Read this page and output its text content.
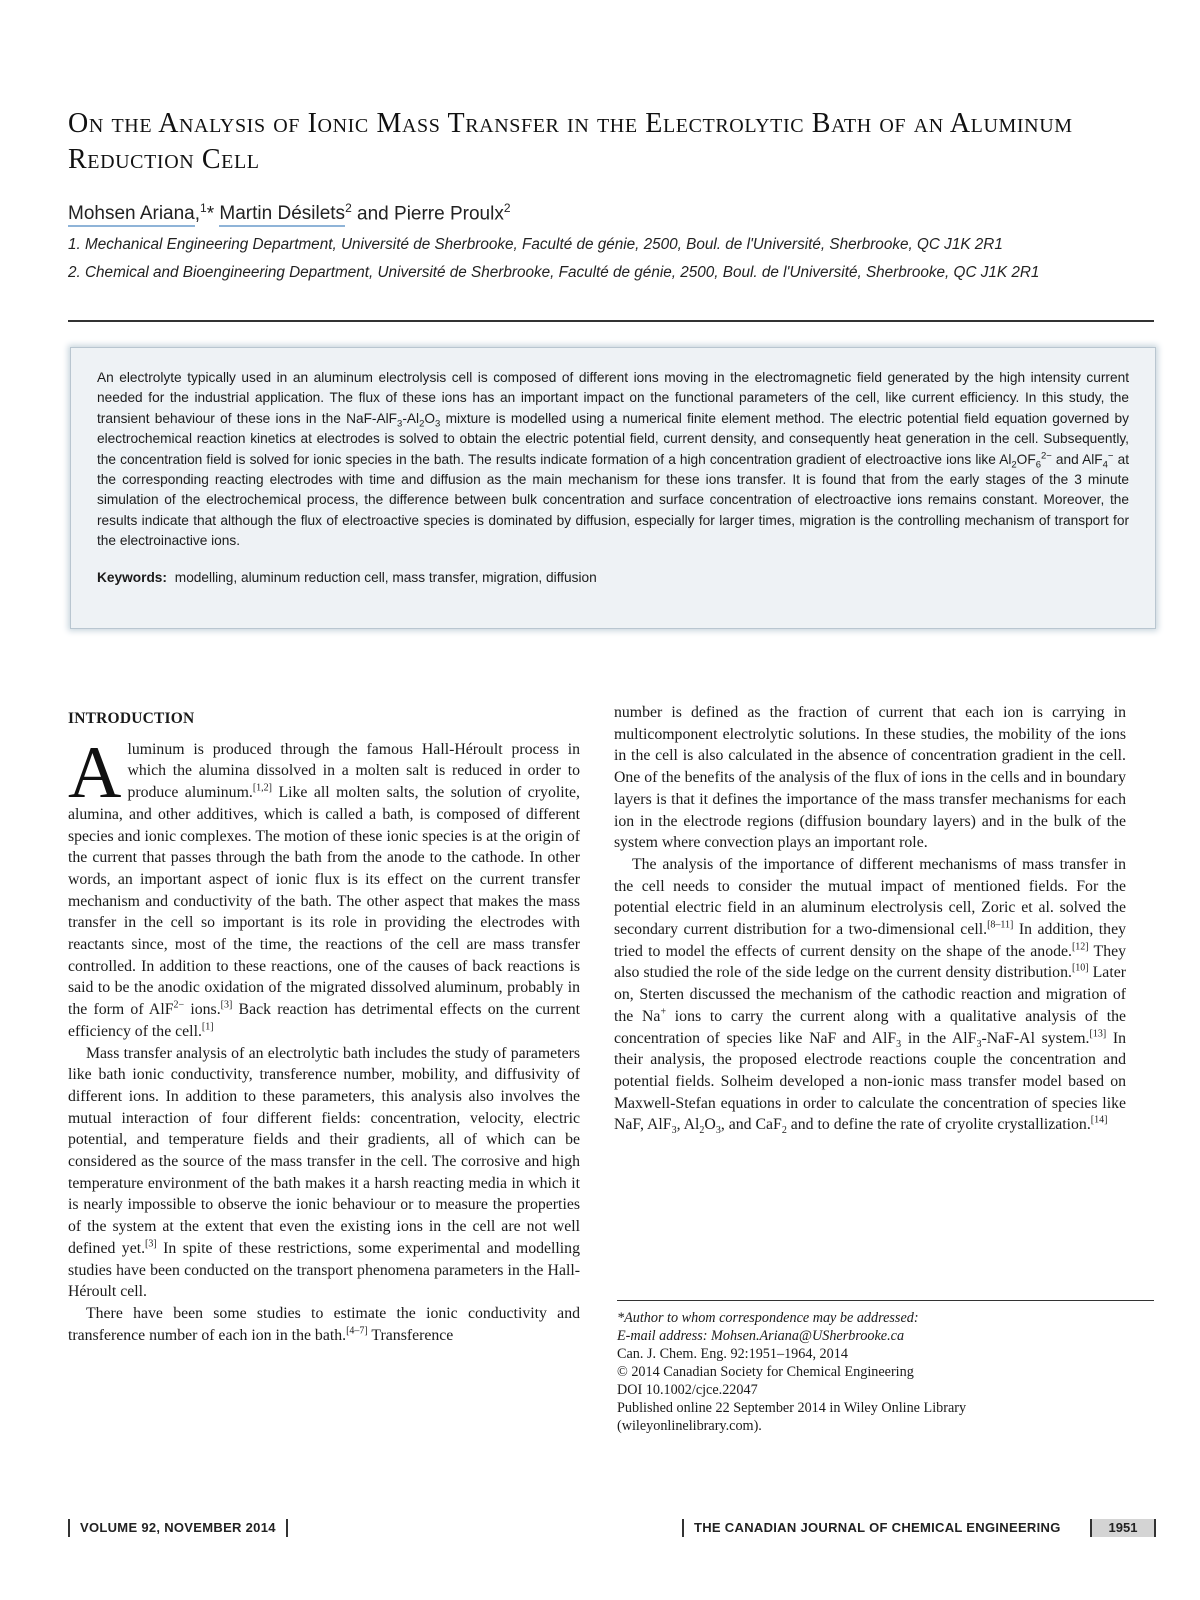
On the Analysis of Ionic Mass Transfer in the Electrolytic Bath of an Aluminum Reduction Cell
Mohsen Ariana,$^1$* Martin Désilets$^2$ and Pierre Proulx$^2$
1. Mechanical Engineering Department, Université de Sherbrooke, Faculté de génie, 2500, Boul. de l'Université, Sherbrooke, QC J1K 2R1
2. Chemical and Bioengineering Department, Université de Sherbrooke, Faculté de génie, 2500, Boul. de l'Université, Sherbrooke, QC J1K 2R1

An electrolyte typically used in an aluminum electrolysis cell is composed of different ions moving in the electromagnetic field generated by the high intensity current needed for the industrial application. The flux of these ions has an important impact on the functional parameters of the cell, like current efficiency. In this study, the transient behaviour of these ions in the NaF-$AlF_3-Al_2O_3$ mixture is modelled using a numerical finite element method. The electric potential field equation governed by electrochemical reaction kinetics at electrodes is solved to obtain the electric potential field, current density, and consequently heat generation in the cell. Subsequently, the concentration field is solved for ionic species in the bath. The results indicate formation of a high concentration gradient of electroactive ions like $Al_2OF_6^{2-}$ and AlF$_4$− at the corresponding reacting electrodes with time and diffusion as the main mechanism for these ions transfer. It is found that from the early stages of the 3 minute simulation of the electrochemical process, the difference between bulk concentration and surface concentration of electroactive ions remains constant. Moreover, the results indicate that although the flux of electroactive species is dominated by diffusion, especially for larger times, migration is the controlling mechanism of transport for the electroinactive ions.

Keywords: modelling, aluminum reduction cell, mass transfer, migration, diffusion
INTRODUCTION

Aluminum is produced through the famous Hall-Héroult process in which the alumina dissolved in a molten salt is reduced in order to produce aluminum.[1,2] Like all molten salts, the solution of cryolite, alumina, and other additives, which is called a bath, is composed of different species and ionic complexes. The motion of these ionic species is at the origin of the current that passes through the bath from the anode to the cathode. In other words, an important aspect of ionic flux is its effect on the current transfer mechanism and conductivity of the bath. The other aspect that makes the mass transfer in the cell so important is its role in providing the electrodes with reactants since, most of the time, the reactions of the cell are mass transfer controlled. In addition to these reactions, one of the causes of back reactions is said to be the anodic oxidation of the migrated dissolved aluminum, probably in the form of AlF$^{2-}$ ions.[3] Back reaction has detrimental effects on the current efficiency of the cell.[1]

Mass transfer analysis of an electrolytic bath includes the study of parameters like bath ionic conductivity, transference number, mobility, and diffusivity of different ions. In addition to these parameters, this analysis also involves the mutual interaction of four different fields: concentration, velocity, electric potential, and temperature fields and their gradients, all of which can be considered as the source of the mass transfer in the cell. The corrosive and high temperature environment of the bath makes it a harsh reacting media in which it is nearly impossible to observe the ionic behaviour or to measure the properties of the system at the extent that even the existing ions in the cell are not well defined yet.[3] In spite of these restrictions, some experimental and modelling studies have been conducted on the transport phenomena parameters in the Hall-Héroult cell.

There have been some studies to estimate the ionic conductivity and transference number of each ion in the bath.[4–7] Transference

number is defined as the fraction of current that each ion is carrying in multicomponent electrolytic solutions. In these studies, the mobility of the ions in the cell is also calculated in the absence of concentration gradient in the cell. One of the benefits of the analysis of the flux of ions in the cells and in boundary layers is that it defines the importance of the mass transfer mechanisms for each ion in the electrode regions (diffusion boundary layers) and in the bulk of the system where convection plays an important role.

The analysis of the importance of different mechanisms of mass transfer in the cell needs to consider the mutual impact of mentioned fields. For the potential electric field in an aluminum electrolysis cell, Zoric et al. solved the secondary current distribution for a two-dimensional cell.[8–11] In addition, they tried to model the effects of current density on the shape of the anode.[12] They also studied the role of the side ledge on the current density distribution.[10] Later on, Sterten discussed the mechanism of the cathodic reaction and migration of the Na+ ions to carry the current along with a qualitative analysis of the concentration of species like NaF and AlF$_3$ in the AlF$_3$-NaF-Al system.[13] In their analysis, the proposed electrode reactions couple the concentration and potential fields. Solheim developed a non-ionic mass transfer model based on Maxwell-Stefan equations in order to calculate the concentration of species like NaF, AlF$_3$, $Al_2O_3$, and CaF$_2$ and to define the rate of cryolite crystallization.[14]

*Author to whom correspondence may be addressed:
E-mail address: Mohsen.Ariana@USherbrooke.ca
Can. J. Chem. Eng. 92:1951–1964, 2014
© 2014 Canadian Society for Chemical Engineering
DOI 10.1002/cjce.22047
Published online 22 September 2014 in Wiley Online Library
(wileyonlinelibrary.com).
VOLUME 92, NOVEMBER 2014	THE CANADIAN JOURNAL OF CHEMICAL ENGINEERING	1951
